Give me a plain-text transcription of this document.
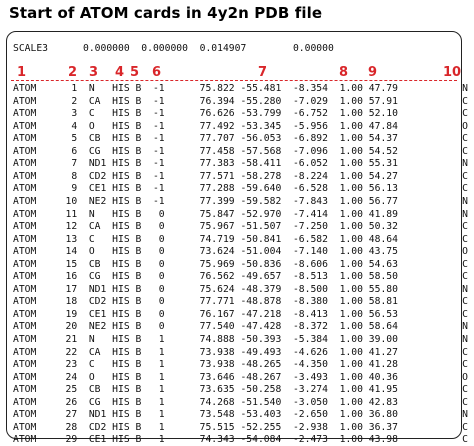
Start of ATOM cards in 4y2n PDB file
SCALE3      0.000000  0.000000  0.014907        0.00000
1	2 3 4 5 6	7	8 9	10
ATOM      1  N   HIS B  -1      75.822 -55.481  -8.354  1.00 47.79           N
ATOM      2  CA  HIS B  -1      76.394 -55.280  -7.029  1.00 57.91           C
ATOM      3  C   HIS B  -1      76.626 -53.799  -6.752  1.00 52.10           C
ATOM      4  O   HIS B  -1      77.492 -53.345  -5.956  1.00 47.84           O
ATOM      5  CB  HIS B  -1      77.707 -56.053  -6.892  1.00 54.37           C
ATOM      6  CG  HIS B  -1      77.458 -57.568  -7.096  1.00 54.52           C
ATOM      7  ND1 HIS B  -1      77.383 -58.411  -6.052  1.00 55.31           N
ATOM      8  CD2 HIS B  -1      77.571 -58.278  -8.224  1.00 54.27           C
ATOM      9  CE1 HIS B  -1      77.288 -59.640  -6.528  1.00 56.13           C
ATOM     10  NE2 HIS B  -1      77.399 -59.582  -7.843  1.00 56.77           N
ATOM     11  N   HIS B   0      75.847 -52.970  -7.414  1.00 41.89           N
ATOM     12  CA  HIS B   0      75.967 -51.507  -7.250  1.00 50.32           C
ATOM     13  C   HIS B   0      74.719 -50.841  -6.582  1.00 48.64           C
ATOM     14  O   HIS B   0      73.624 -51.004  -7.140  1.00 43.75           O
ATOM     15  CB  HIS B   0      75.969 -50.836  -8.606  1.00 54.63           C
ATOM     16  CG  HIS B   0      76.562 -49.657  -8.513  1.00 58.50           C
ATOM     17  ND1 HIS B   0      75.624 -48.379  -8.500  1.00 55.80           N
ATOM     18  CD2 HIS B   0      77.771 -48.878  -8.380  1.00 58.81           C
ATOM     19  CE1 HIS B   0      76.167 -47.218  -8.413  1.00 56.53           C
ATOM     20  NE2 HIS B   0      77.540 -47.428  -8.372  1.00 58.64           N
ATOM     21  N   HIS B   1      74.888 -50.393  -5.384  1.00 39.00           N
ATOM     22  CA  HIS B   1      73.938 -49.493  -4.626  1.00 41.27           C
ATOM     23  C   HIS B   1      73.938 -48.265  -4.350  1.00 41.28           C
ATOM     24  O   HIS B   1      73.646 -48.267  -3.493  1.00 40.36           O
ATOM     25  CB  HIS B   1      73.635 -50.258  -3.274  1.00 41.95           C
ATOM     26  CG  HIS B   1      74.268 -51.540  -3.050  1.00 42.83           C
ATOM     27  ND1 HIS B   1      73.548 -53.403  -2.650  1.00 36.80           N
ATOM     28  CD2 HIS B   1      75.515 -52.255  -2.938  1.00 36.37           C
ATOM     29  CE1 HIS B   1      74.343 -54.084  -2.473  1.00 43.98           C
